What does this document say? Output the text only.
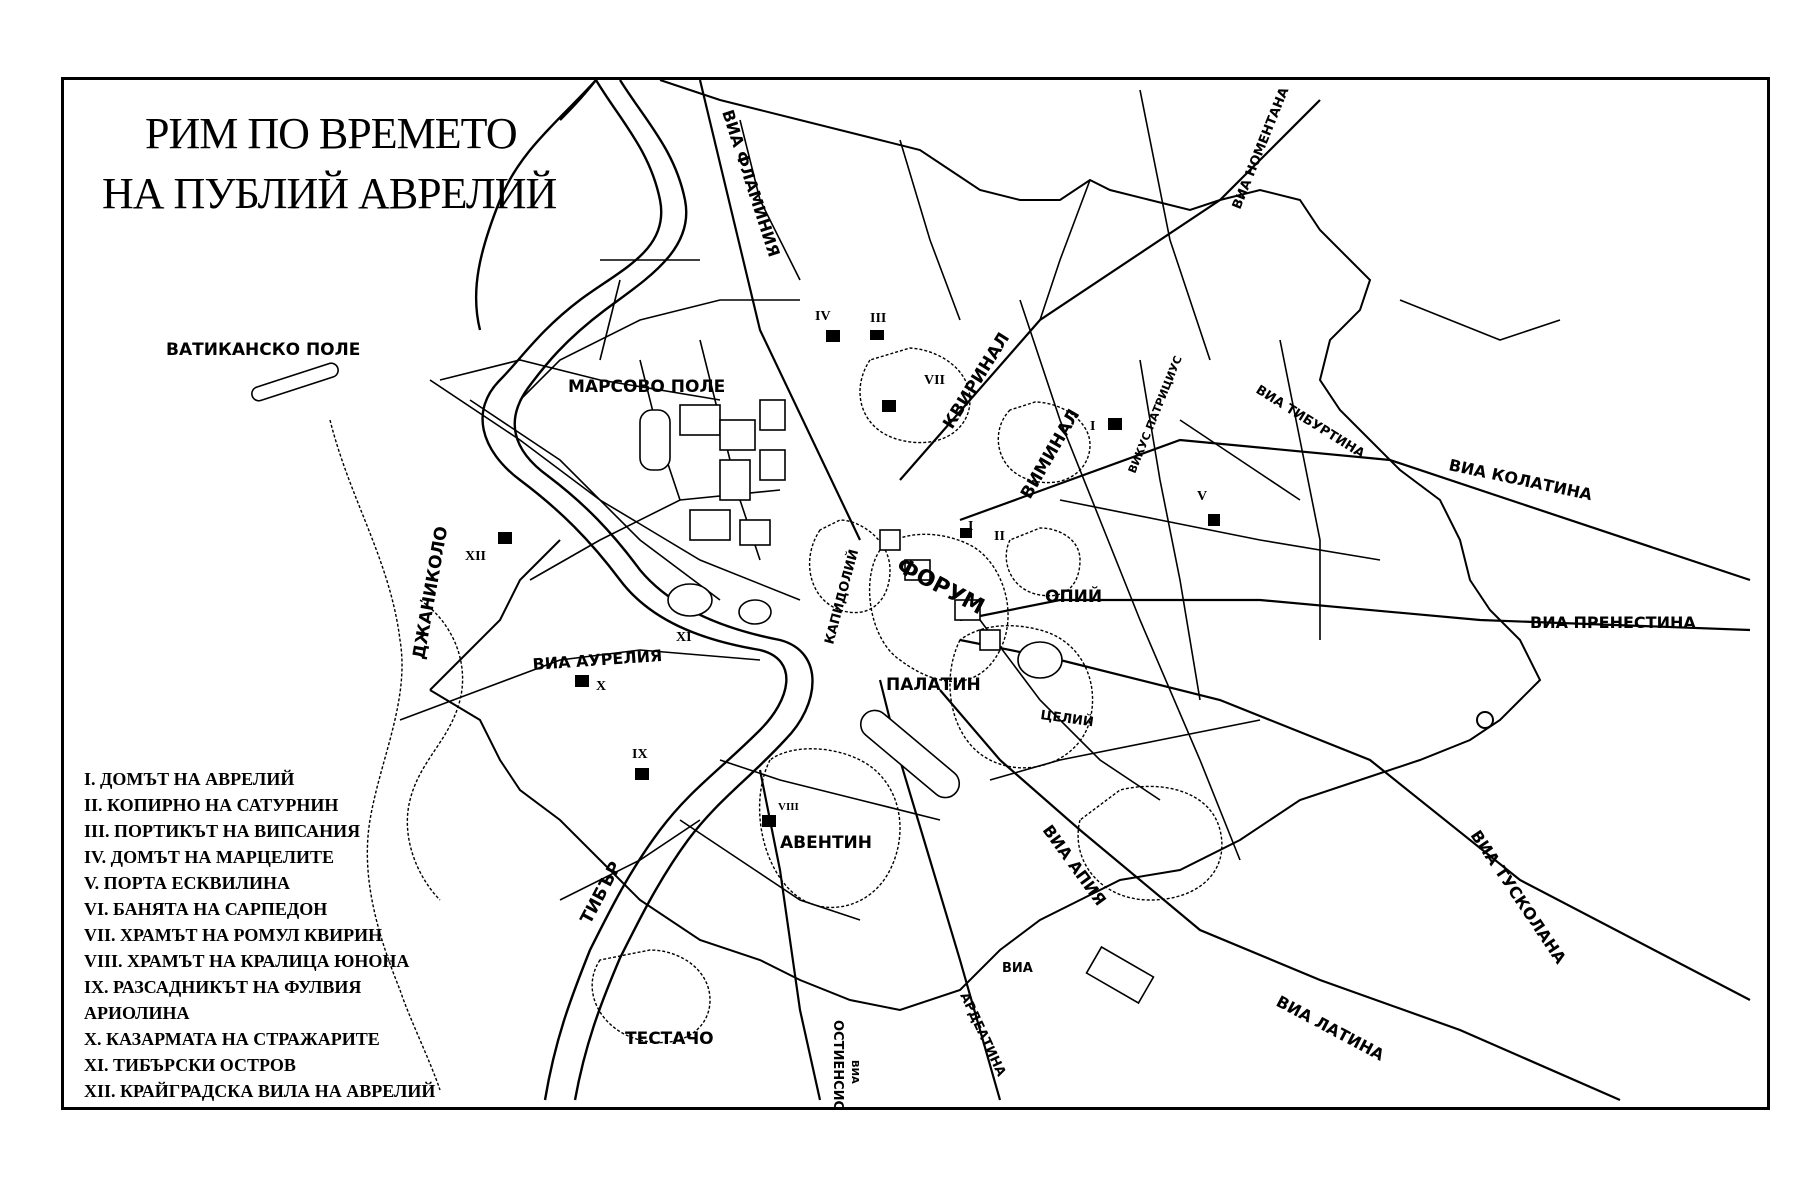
РИМ ПО ВРЕМЕТО
НА ПУБЛИЙ АВРЕЛИЙ
ВАТИКАНСКО ПОЛЕ
МАРСОВО ПОЛЕ	КВИРИНАЛ
ВИМИНАЛ
ФОРУМ
КАПИДОЛИЙ	ОПИЙ
ПАЛАТИН
ЦЕЛИЙ
АВЕНТИН
ТЕСТАЧО
ДЖАНИКОЛО
ТИБЪР
ВИА ФЛАМИНИЯ	ВИА НОМЕНТАНА
ВИА ТИБУРТИНА
ВИА КОЛАТИНА
ВИА ПРЕНЕСТИНА
ВИА ТУСКОЛАНА
ВИА ЛАТИНА
ВИА АПИЯ
ВИА
АРДЕАТИНА
ОСТИЕНСИС ВИА
ВИА АУРЕЛИЯ
ВИКУС ПАТРИЦИУС
IV	III
VII
I
V
I
II
XII
XI
X
IX
VIII
I. ДОМЪТ НА АВРЕЛИЙ
II. КОПИРНО НА САТУРНИН
III. ПОРТИКЪТ НА ВИПСАНИЯ
IV. ДОМЪТ НА МАРЦЕЛИТЕ
V. ПОРТА ЕСКВИЛИНА
VI. БАНЯТА НА САРПЕДОН
VII. ХРАМЪТ НА РОМУЛ КВИРИН
VIII. ХРАМЪТ НА КРАЛИЦА ЮНОНА
IX. РАЗСАДНИКЪТ НА ФУЛВИЯ
АРИОЛИНА
X. КАЗАРМАТА НА СТРАЖАРИТЕ
XI. ТИБЪРСКИ ОСТРОВ
XII. КРАЙГРАДСКА ВИЛА НА АВРЕЛИЙ
